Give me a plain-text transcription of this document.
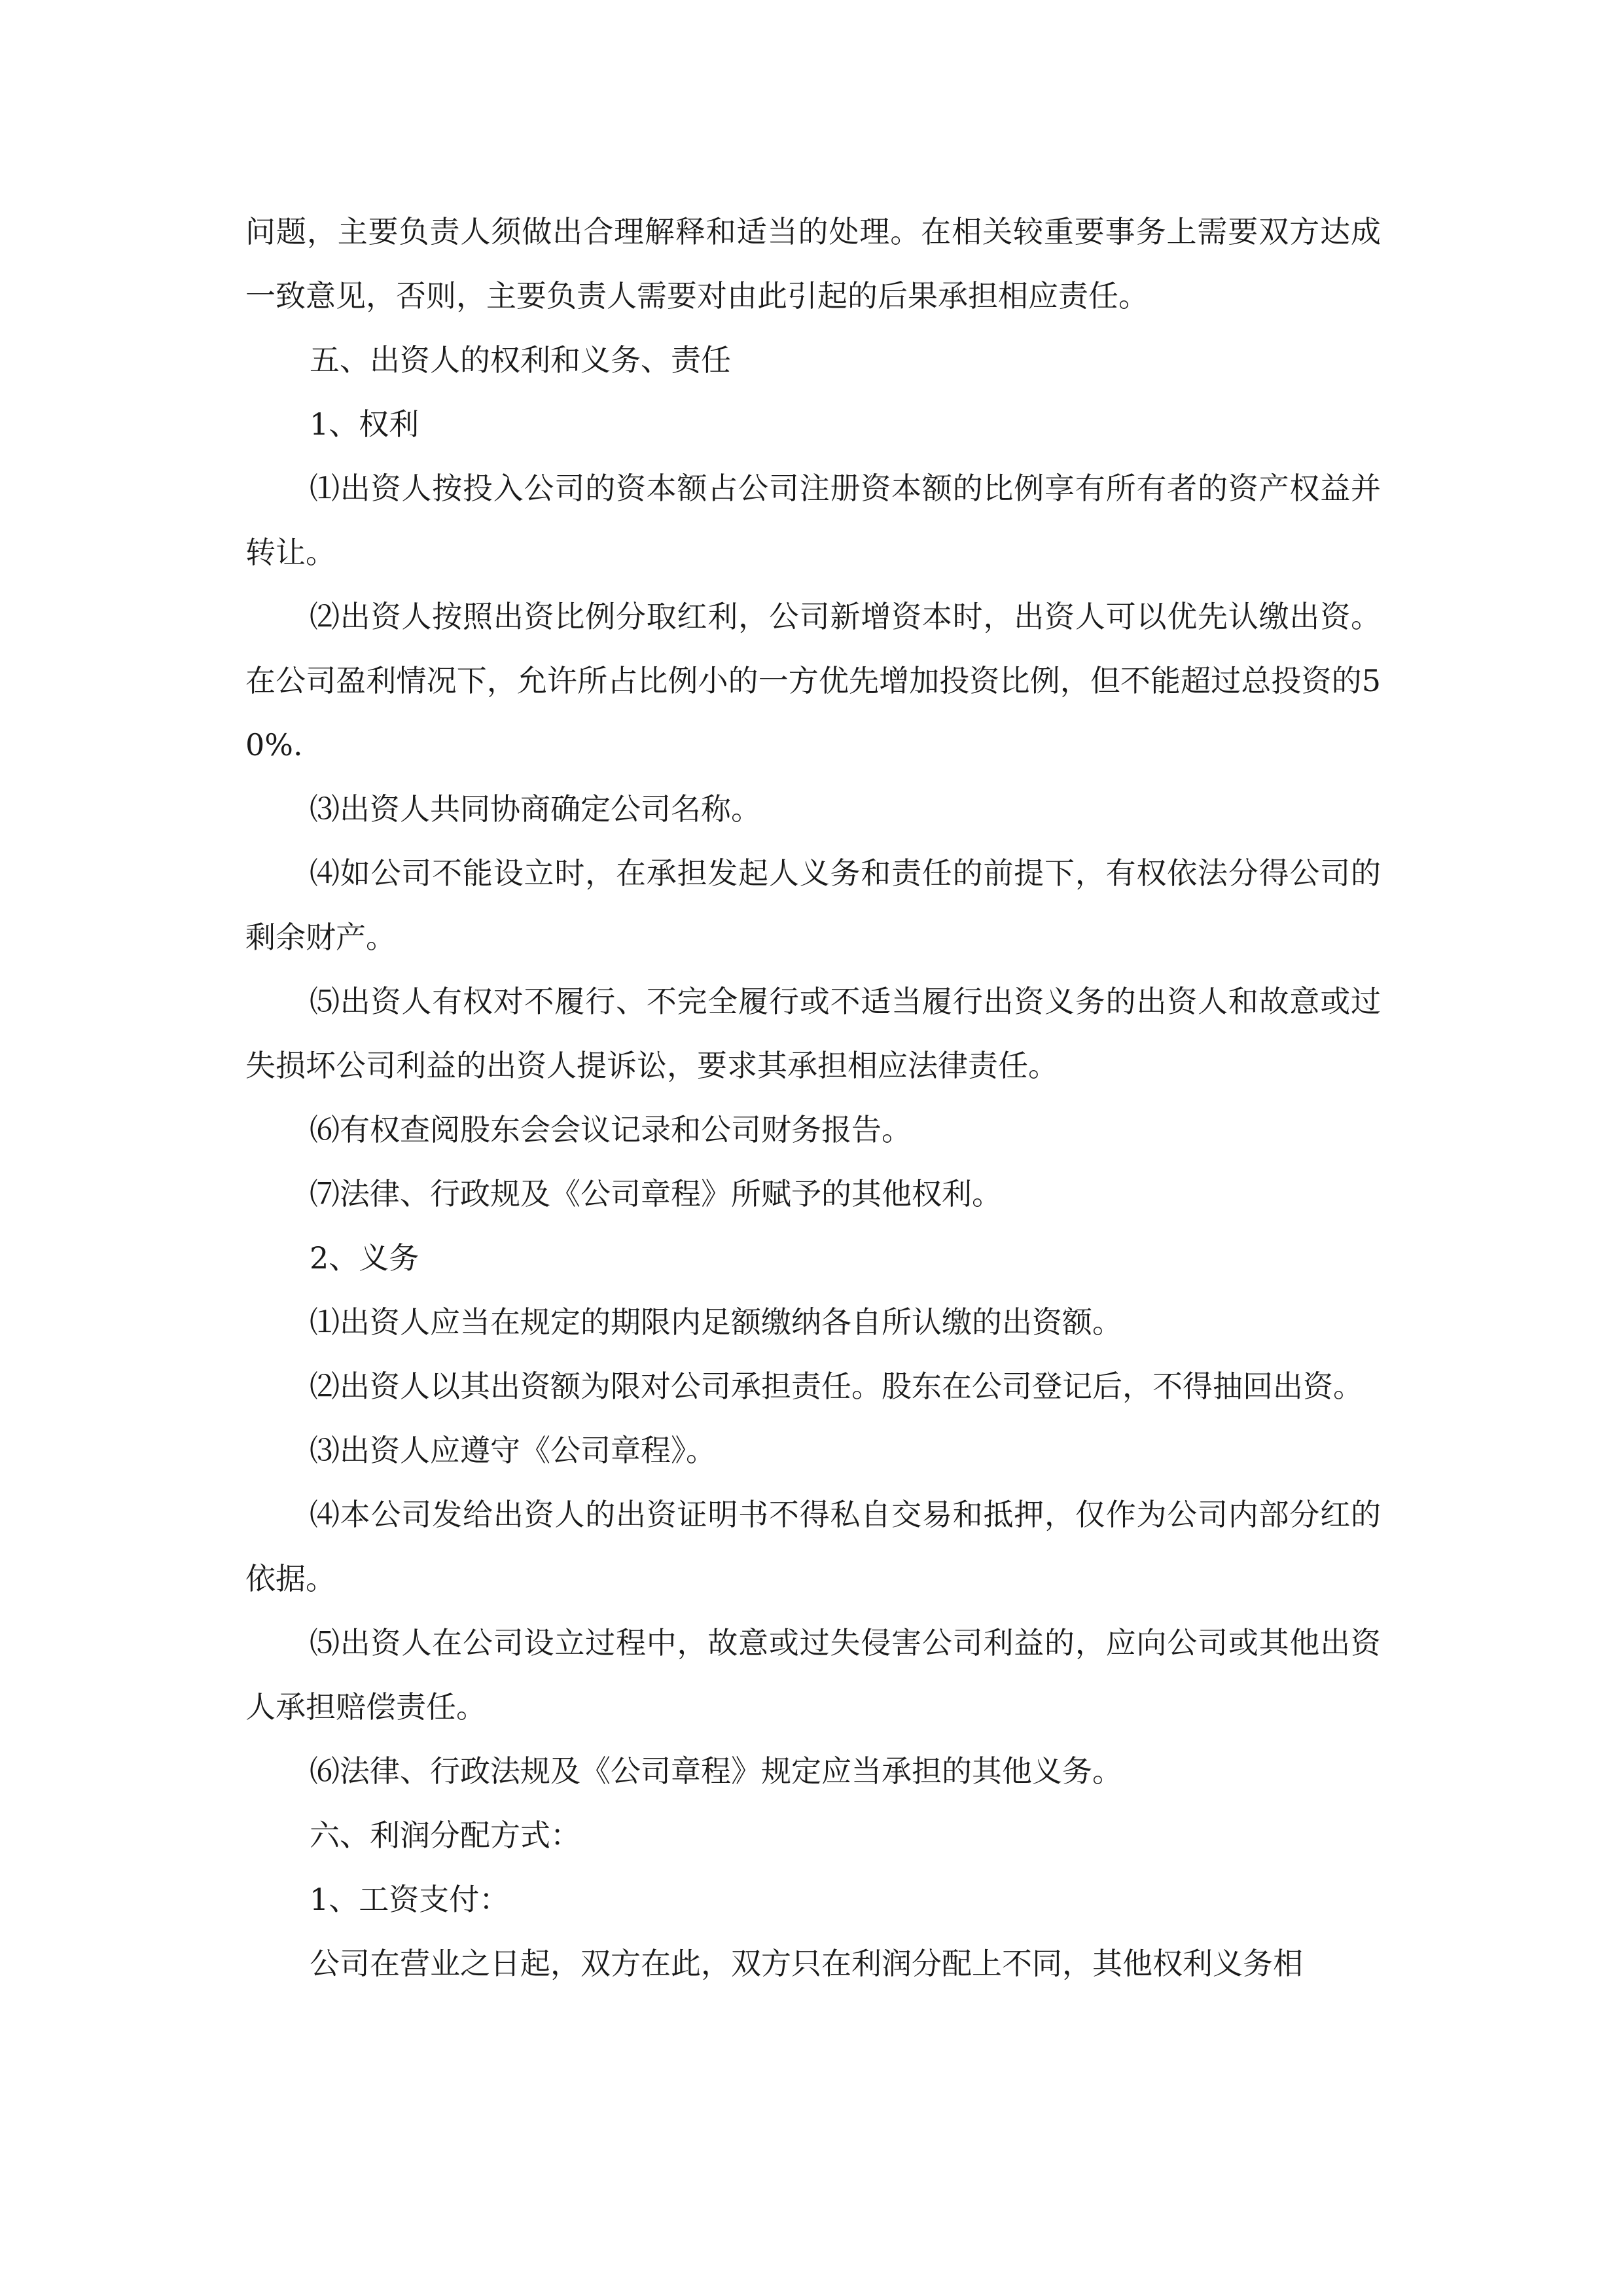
问题，主要负责人须做出合理解释和适当的处理。在相关较重要事务上需要双方达成一致意见，否则，主要负责人需要对由此引起的后果承担相应责任。

五、出资人的权利和义务、责任

1、权利

⑴出资人按投入公司的资本额占公司注册资本额的比例享有所有者的资产权益并转让。

⑵出资人按照出资比例分取红利，公司新增资本时，出资人可以优先认缴出资。在公司盈利情况下，允许所占比例小的一方优先增加投资比例，但不能超过总投资的50%.

⑶出资人共同协商确定公司名称。

⑷如公司不能设立时，在承担发起人义务和责任的前提下，有权依法分得公司的剩余财产。

⑸出资人有权对不履行、不完全履行或不适当履行出资义务的出资人和故意或过失损坏公司利益的出资人提诉讼，要求其承担相应法律责任。

⑹有权查阅股东会会议记录和公司财务报告。

⑺法律、行政规及《公司章程》所赋予的其他权利。

2、义务

⑴出资人应当在规定的期限内足额缴纳各自所认缴的出资额。

⑵出资人以其出资额为限对公司承担责任。股东在公司登记后，不得抽回出资。

⑶出资人应遵守《公司章程》。

⑷本公司发给出资人的出资证明书不得私自交易和抵押，仅作为公司内部分红的依据。

⑸出资人在公司设立过程中，故意或过失侵害公司利益的，应向公司或其他出资人承担赔偿责任。

⑹法律、行政法规及《公司章程》规定应当承担的其他义务。

六、利润分配方式：

1、工资支付：

公司在营业之日起，双方在此，双方只在利润分配上不同，其他权利义务相
